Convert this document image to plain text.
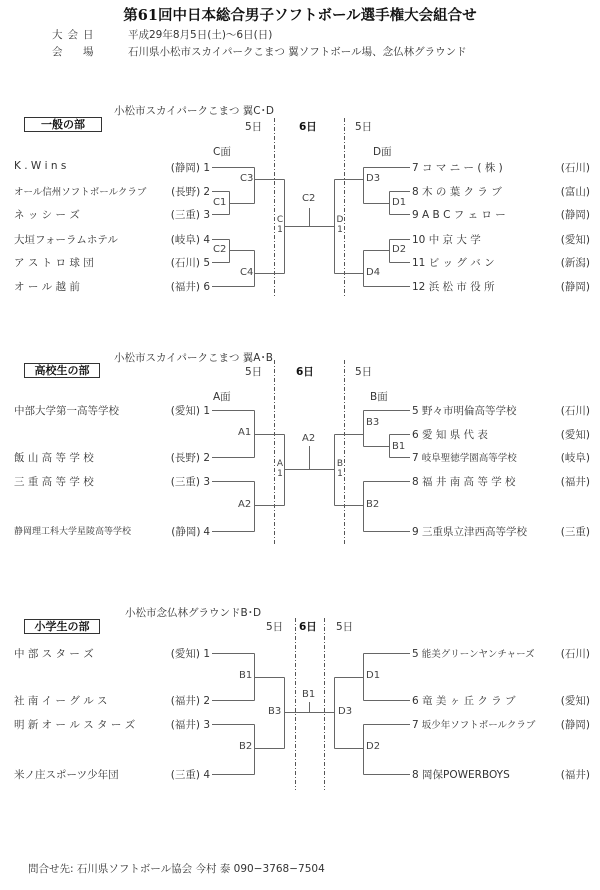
第61回中日本総合男子ソフトボール選手権大会組合せ
大会日	平成29年8月5日(土)〜6日(日)
会　場	石川県小松市スカイパークこまつ 翼ソフトボール場、念仏林グラウンド
小松市スカイパークこまつ 翼C･D
一般の部	5日	6日	5日
C面	D面
K . W i n s	(静岡) 1
オール信州ソフトボールクラブ (長野) 2
ネ ッ シ ー ズ	(三重) 3
大垣フォーラムホテル	(岐阜) 4
ア ス ト ロ 球 団	(石川) 5
オ ー ル 越 前	(福井) 6
7 コ マ ニ ー ( 株 )	(石川)
8 木 の 葉 ク ラ ブ	(富山)
9 A B C フ ェ ロ ー	(静岡)
10 中 京 大 学	(愛知)
11 ビ ッ グ バ ン	(新潟)
12 浜 松 市 役 所	(静岡)
C1
C3
C2
C4
C
1
C2
D
1
D3
D1
D2
D4
小松市スカイパークこまつ 翼A･B
高校生の部	5日	6日	5日
A面	B面
中部大学第一高等学校	(愛知) 1
飯 山 高 等 学 校	(長野) 2
三 重 高 等 学 校	(三重) 3
静岡理工科大学星陵高等学校	(静岡) 4
5 野々市明倫高等学校	(石川)
6 愛 知 県 代 表	(愛知)
7 岐阜聖徳学園高等学校	(岐阜)
8 福 井 南 高 等 学 校	(福井)
9 三重県立津西高等学校	(三重)
A1
A2
A
1
A2
B
1
B3
B1
B2
小松市念仏林グラウンドB･D
小学生の部	5日 6日 5日
中 部 ス タ ー ズ	(愛知) 1
社 南 イ ー グ ル ス	(福井) 2
明 新 オ ー ル ス タ ー ズ	(福井) 3
米ノ庄スポーツ少年団	(三重) 4
5 能美グリーンヤンチャーズ (石川)
6 竜 美 ヶ 丘 ク ラ ブ	(愛知)
7 坂少年ソフトボールクラブ (静岡)
8 岡保POWERBOYS	(福井)
B1
B2
B3
B1
D3
D1
D2
問合せ先: 石川県ソフトボール協会 今村 泰 090−3768−7504
